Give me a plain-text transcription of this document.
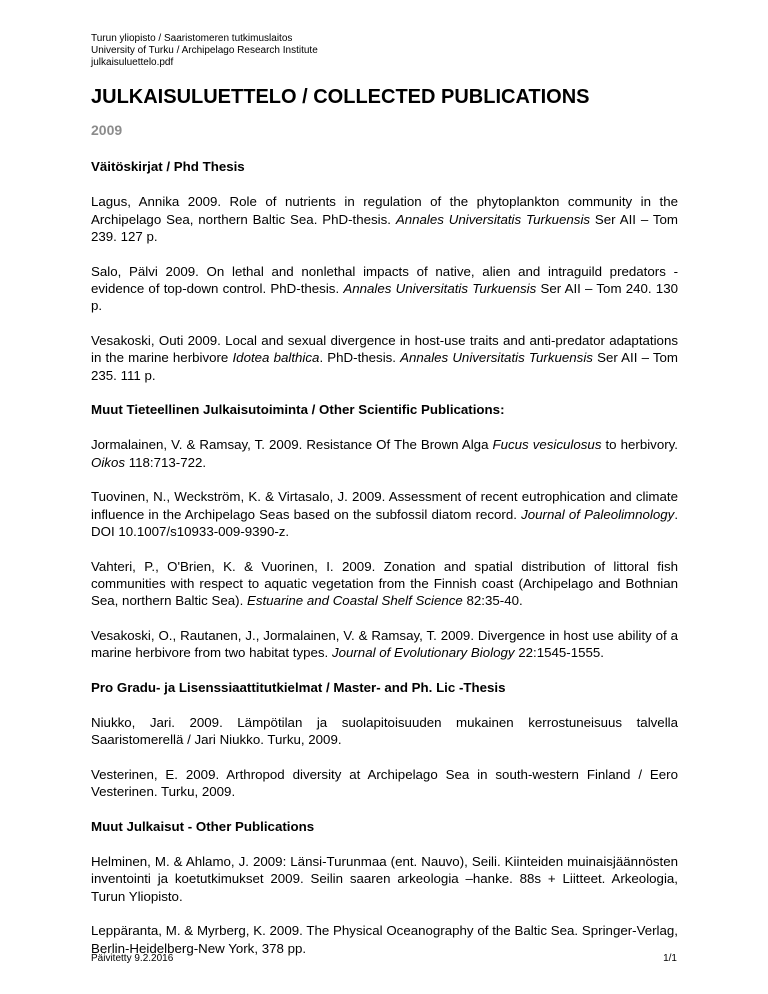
Turun yliopisto / Saaristomeren tutkimuslaitos
University of Turku / Archipelago Research Institute
julkaisuluettelo.pdf
JULKAISULUETTELO / COLLECTED PUBLICATIONS
2009
Väitöskirjat / Phd Thesis

Lagus, Annika 2009. Role of nutrients in regulation of the phytoplankton community in the Archipelago Sea, northern Baltic Sea. PhD-thesis. Annales Universitatis Turkuensis Ser AII – Tom 239. 127 p.

Salo, Pälvi 2009. On lethal and nonlethal impacts of native, alien and intraguild predators - evidence of top-down control. PhD-thesis. Annales Universitatis Turkuensis Ser AII – Tom 240. 130 p.

Vesakoski, Outi 2009. Local and sexual divergence in host-use traits and anti-predator adaptations in the marine herbivore Idotea balthica. PhD-thesis. Annales Universitatis Turkuensis Ser AII – Tom 235. 111 p.

Muut Tieteellinen Julkaisutoiminta / Other Scientific Publications:

Jormalainen, V. & Ramsay, T. 2009. Resistance Of The Brown Alga Fucus vesiculosus to herbivory. Oikos 118:713-722.

Tuovinen, N., Weckström, K. & Virtasalo, J. 2009. Assessment of recent eutrophication and climate influence in the Archipelago Seas based on the subfossil diatom record. Journal of Paleolimnology. DOI 10.1007/s10933-009-9390-z.

Vahteri, P., O'Brien, K. & Vuorinen, I. 2009. Zonation and spatial distribution of littoral fish communities with respect to aquatic vegetation from the Finnish coast (Archipelago and Bothnian Sea, northern Baltic Sea). Estuarine and Coastal Shelf Science 82:35-40.

Vesakoski, O., Rautanen, J., Jormalainen, V. & Ramsay, T. 2009. Divergence in host use ability of a marine herbivore from two habitat types. Journal of Evolutionary Biology 22:1545-1555.

Pro Gradu- ja Lisenssiaattitutkielmat / Master- and Ph. Lic -Thesis

Niukko, Jari. 2009. Lämpötilan ja suolapitoisuuden mukainen kerrostuneisuus talvella Saaristomerellä / Jari Niukko. Turku, 2009.

Vesterinen, E. 2009. Arthropod diversity at Archipelago Sea in south-western Finland / Eero Vesterinen. Turku, 2009.

Muut Julkaisut - Other Publications

Helminen, M. & Ahlamo, J. 2009: Länsi-Turunmaa (ent. Nauvo), Seili. Kiinteiden muinaisjäännösten inventointi ja koetutkimukset 2009. Seilin saaren arkeologia –hanke. 88s + Liitteet. Arkeologia, Turun Yliopisto.

Leppäranta, M. & Myrberg, K. 2009. The Physical Oceanography of the Baltic Sea. Springer-Verlag, Berlin-Heidelberg-New York, 378 pp.

Päivitetty 9.2.2016	1/1
